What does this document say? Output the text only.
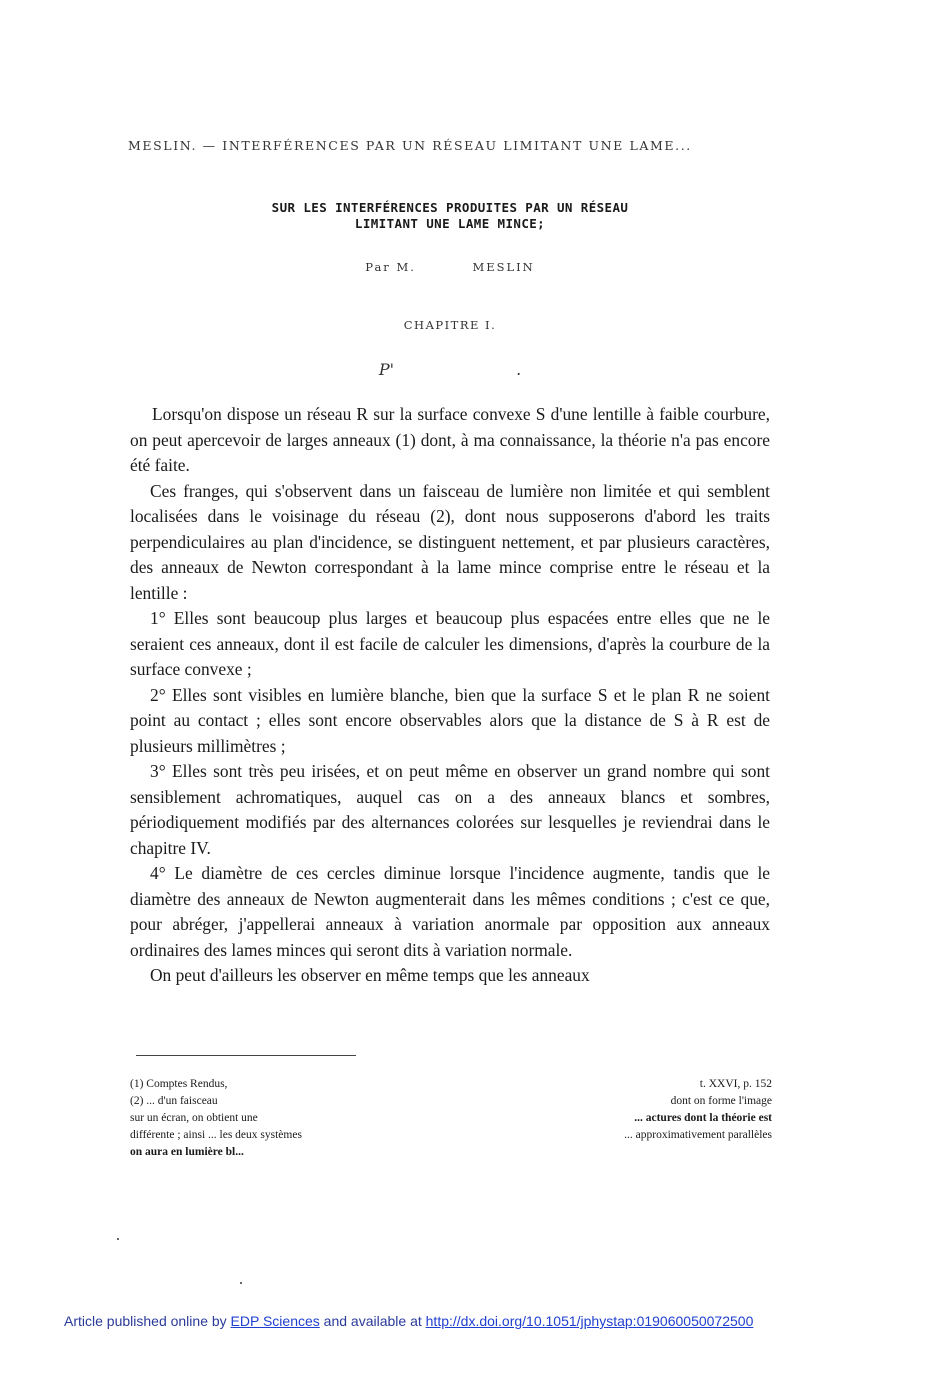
MESLIN. — INTERFÉRENCES PAR UN RÉSEAU LIMITANT UNE LAME...
SUR LES INTERFÉRENCES PRODUITES PAR UN RÉSEAU
LIMITANT UNE LAME MINCE;
Par M.          MESLIN
CHAPITRE I.
P'                        .

Lorsqu'on dispose un réseau R sur la surface convexe S d'une lentille à faible courbure, on peut apercevoir de larges anneaux (1) dont, à ma connaissance, la théorie n'a pas encore été faite.

Ces franges, qui s'observent dans un faisceau de lumière non limitée et qui semblent localisées dans le voisinage du réseau (2), dont nous supposerons d'abord les traits perpendiculaires au plan d'incidence, se distinguent nettement, et par plusieurs caractères, des anneaux de Newton correspondant à la lame mince comprise entre le réseau et la lentille :

1° Elles sont beaucoup plus larges et beaucoup plus espacées entre elles que ne le seraient ces anneaux, dont il est facile de calculer les dimensions, d'après la courbure de la surface convexe ;

2° Elles sont visibles en lumière blanche, bien que la surface S et le plan R ne soient point au contact ; elles sont encore observables alors que la distance de S à R est de plusieurs millimètres ;

3° Elles sont très peu irisées, et on peut même en observer un grand nombre qui sont sensiblement achromatiques, auquel cas on a des anneaux blancs et sombres, périodiquement modifiés par des alternances colorées sur lesquelles je reviendrai dans le chapitre IV.

4° Le diamètre de ces cercles diminue lorsque l'incidence augmente, tandis que le diamètre des anneaux de Newton augmenterait dans les mêmes conditions ; c'est ce que, pour abréger, j'appellerai anneaux à variation anormale par opposition aux anneaux ordinaires des lames minces qui seront dits à variation normale.

On peut d'ailleurs les observer en même temps que les anneaux

(1) Comptes Rendus,
(2) ... d'un faisceau
sur un écran, on obtient une
différente ; ainsi ... les deux systèmes
on aura en lumière bl...
t. XXVI, p. 152
dont on forme l'image
... actures dont la théorie est
... approximativement parallèles
Article published online by EDP Sciences and available at http://dx.doi.org/10.1051/jphystap:019060050072500
